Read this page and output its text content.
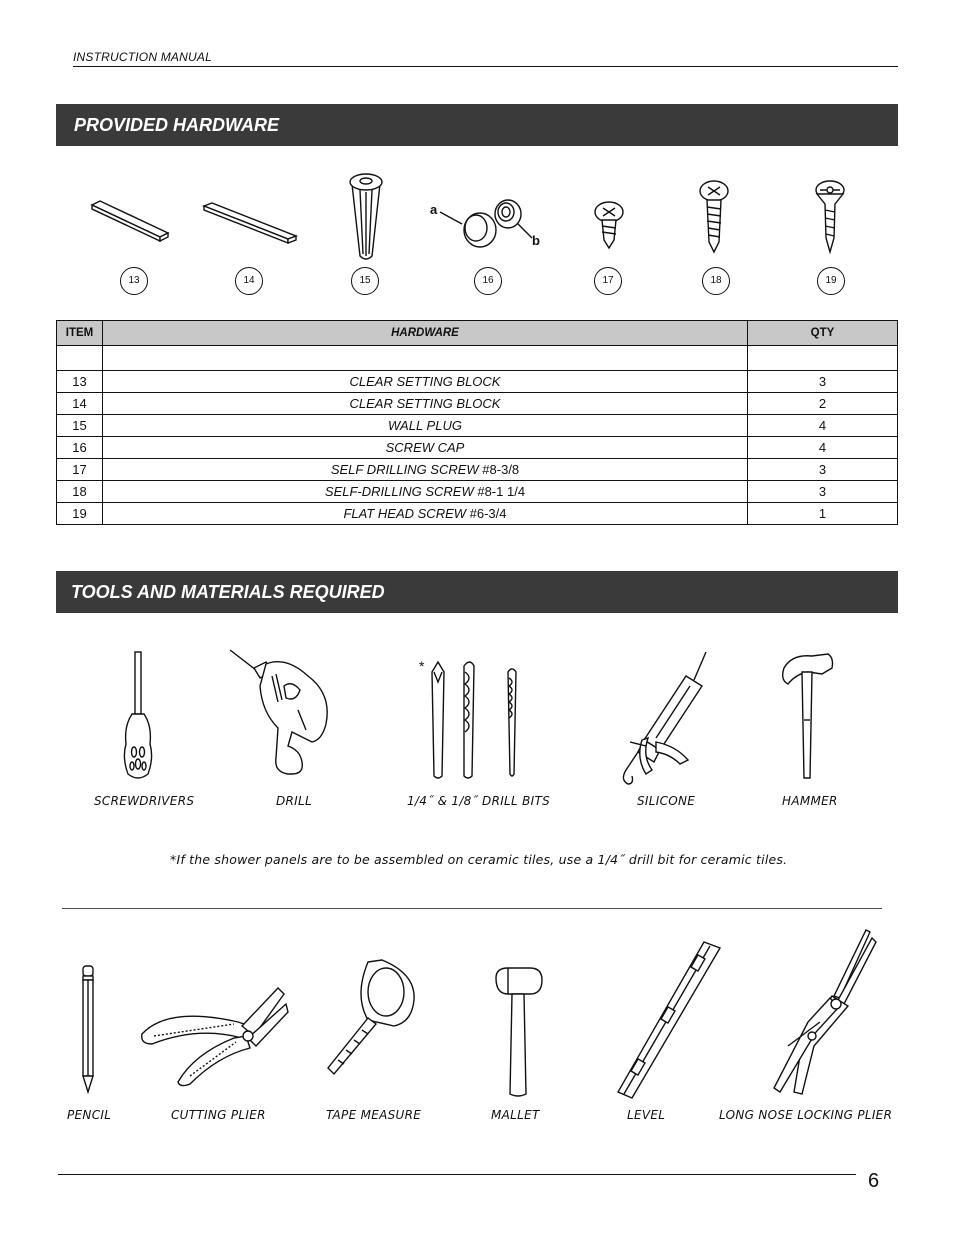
INSTRUCTION MANUAL
PROVIDED HARDWARE
a
b
13	14	15	16	17	18	19
ITEM	HARDWARE	QTY

13	CLEAR SETTING BLOCK	3
14	CLEAR SETTING BLOCK	2
15	WALL PLUG	4
16	SCREW CAP	4
17	SELF DRILLING SCREW #8-3/8	3
18	SELF-DRILLING SCREW #8-1 1/4	3
19	FLAT HEAD SCREW #6-3/4	1
TOOLS AND MATERIALS REQUIRED
*
SCREWDRIVERS	DRILL	1/4˝ & 1/8˝ DRILL BITS	SILICONE	HAMMER
*If the shower panels are to be assembled on ceramic tiles, use a 1/4˝ drill bit for ceramic tiles.
PENCIL	CUTTING PLIER	TAPE MEASURE	MALLET	LEVEL	LONG NOSE LOCKING PLIER
6
